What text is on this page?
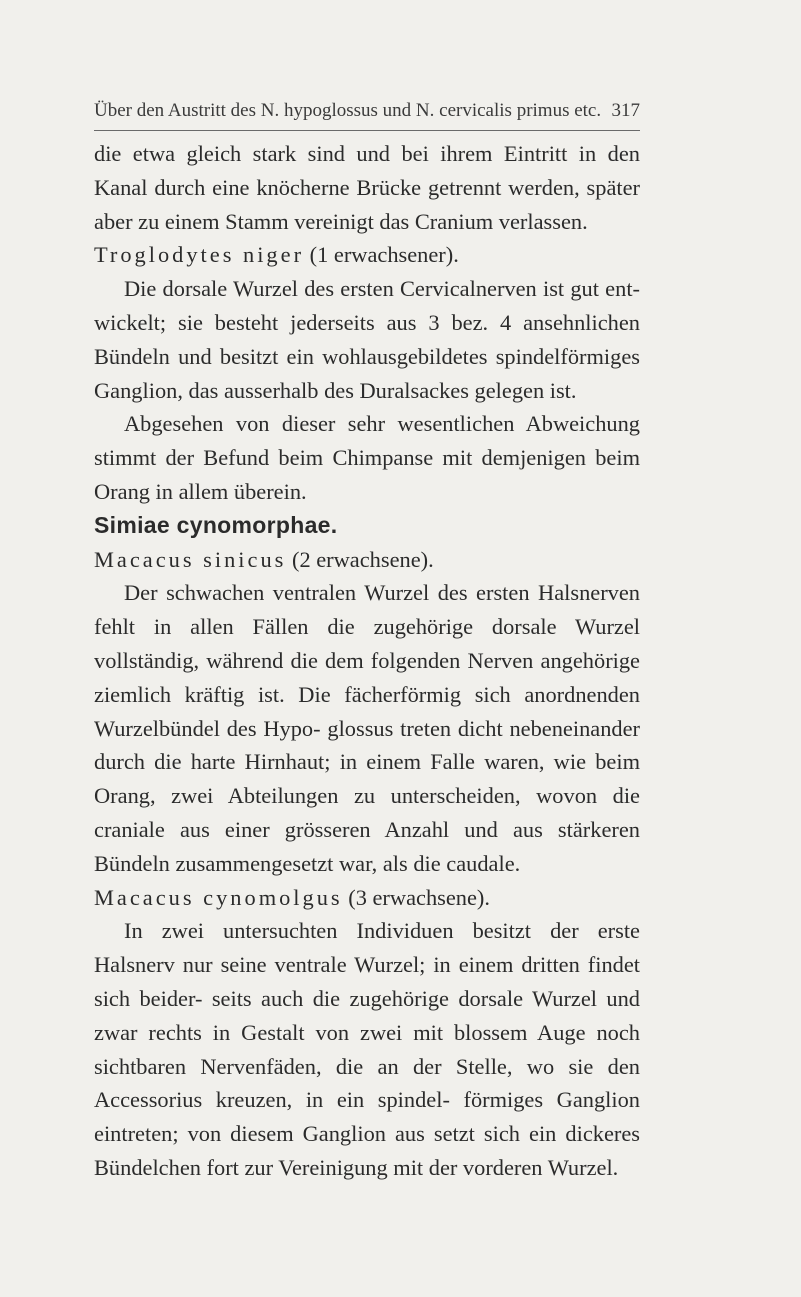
Über den Austritt des N. hypoglossus und N. cervicalis primus etc. 317

die etwa gleich stark sind und bei ihrem Eintritt in den Kanal durch eine knöcherne Brücke getrennt werden, später aber zu einem Stamm vereinigt das Cranium verlassen.

Troglodytes niger (1 erwachsener).

Die dorsale Wurzel des ersten Cervicalnerven ist gut ent- wickelt; sie besteht jederseits aus 3 bez. 4 ansehnlichen Bündeln und besitzt ein wohlausgebildetes spindelförmiges Ganglion, das ausserhalb des Duralsackes gelegen ist.

Abgesehen von dieser sehr wesentlichen Abweichung stimmt der Befund beim Chimpanse mit demjenigen beim Orang in allem überein.

Simiae cynomorphae.

Macacus sinicus (2 erwachsene).

Der schwachen ventralen Wurzel des ersten Halsnerven fehlt in allen Fällen die zugehörige dorsale Wurzel vollständig, während die dem folgenden Nerven angehörige ziemlich kräftig ist. Die fächerförmig sich anordnenden Wurzelbündel des Hypo- glossus treten dicht nebeneinander durch die harte Hirnhaut; in einem Falle waren, wie beim Orang, zwei Abteilungen zu unterscheiden, wovon die craniale aus einer grösseren Anzahl und aus stärkeren Bündeln zusammengesetzt war, als die caudale.

Macacus cynomolgus (3 erwachsene).

In zwei untersuchten Individuen besitzt der erste Halsnerv nur seine ventrale Wurzel; in einem dritten findet sich beider- seits auch die zugehörige dorsale Wurzel und zwar rechts in Gestalt von zwei mit blossem Auge noch sichtbaren Nervenfäden, die an der Stelle, wo sie den Accessorius kreuzen, in ein spindel- förmiges Ganglion eintreten; von diesem Ganglion aus setzt sich ein dickeres Bündelchen fort zur Vereinigung mit der vorderen Wurzel.
